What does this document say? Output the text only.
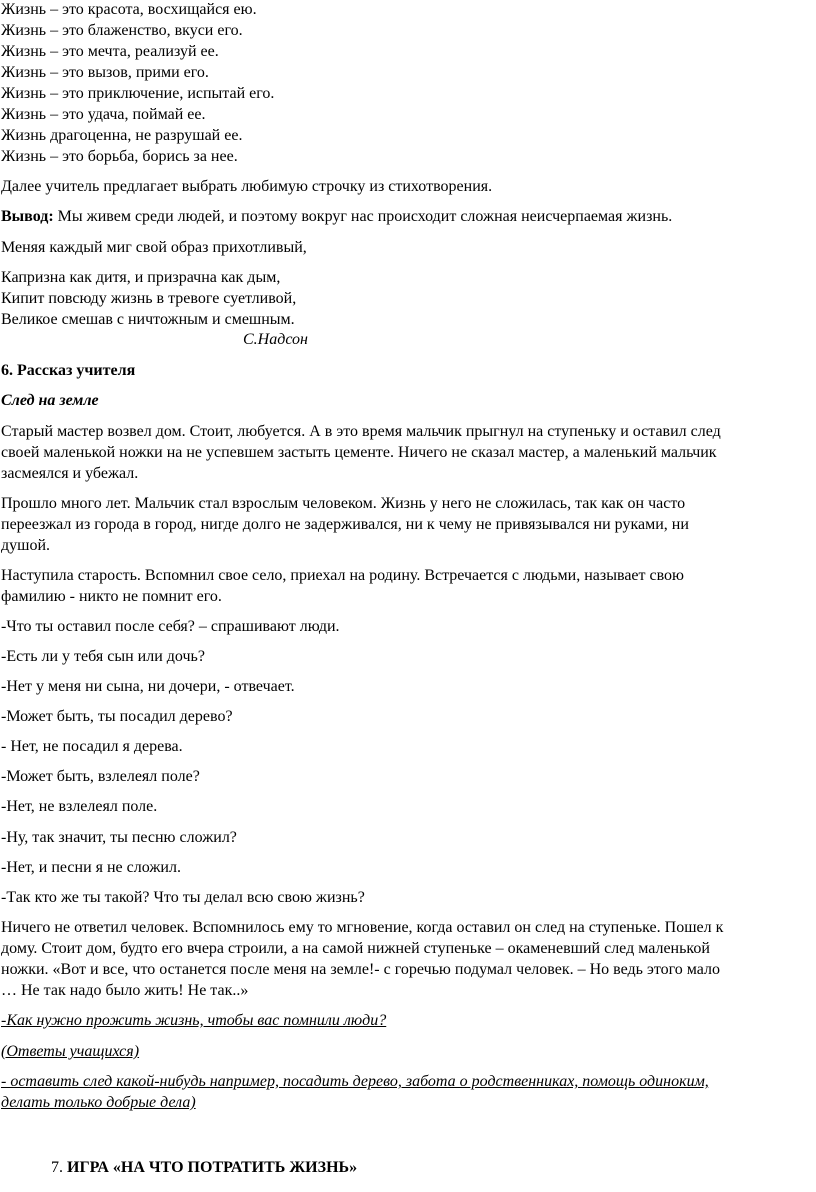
Жизнь – это красота, восхищайся ею.
Жизнь – это блаженство, вкуси его.
Жизнь – это мечта, реализуй ее.
Жизнь – это вызов, прими его.
Жизнь – это приключение, испытай его.
Жизнь – это удача, поймай ее.
Жизнь драгоценна, не разрушай ее.
Жизнь – это борьба, борись за нее.
Далее учитель предлагает выбрать любимую строчку из стихотворения.
Вывод: Мы живем среди людей, и поэтому вокруг нас происходит сложная неисчерпаемая жизнь.
Меняя каждый миг свой образ прихотливый,
Капризна как дитя, и призрачна как дым,
Кипит повсюду жизнь в тревоге суетливой,
Великое смешав с ничтожным и смешным.
С.Надсон
6. Рассказ учителя
След на земле
Старый мастер возвел дом. Стоит, любуется. А в это время мальчик прыгнул на ступеньку и оставил след
своей маленькой ножки на не успевшем застыть цементе. Ничего не сказал мастер, а маленький мальчик
засмеялся и убежал.
Прошло много лет. Мальчик стал взрослым человеком. Жизнь у него не сложилась, так как он часто
переезжал из города в город, нигде долго не задерживался, ни к чему не привязывался ни руками, ни
душой.
Наступила старость. Вспомнил свое село, приехал на родину. Встречается с людьми, называет свою
фамилию - никто не помнит его.
-Что ты оставил после себя? – спрашивают люди.
-Есть ли у тебя сын или дочь?
-Нет у меня ни сына, ни дочери, - отвечает.
-Может быть, ты посадил дерево?
- Нет, не посадил я дерева.
-Может быть, взлелеял поле?
-Нет, не взлелеял поле.
-Ну, так значит, ты песню сложил?
-Нет, и песни я не сложил.
-Так кто же ты такой? Что ты делал всю свою жизнь?
Ничего не ответил человек. Вспомнилось ему то мгновение, когда оставил он след на ступеньке. Пошел к
дому. Стоит дом, будто его вчера строили, а на самой нижней ступеньке – окаменевший след маленькой
ножки. «Вот и все, что останется после меня на земле!- с горечью подумал человек. – Но ведь этого мало
… Не так надо было жить! Не так..»
-Как нужно прожить жизнь, чтобы вас помнили люди?
(Ответы учащихся)
- оставить след какой-нибудь например, посадить дерево, забота о родственниках, помощь одиноким,
делать только добрые дела)
7. ИГРА «НА ЧТО ПОТРАТИТЬ ЖИЗНЬ»
